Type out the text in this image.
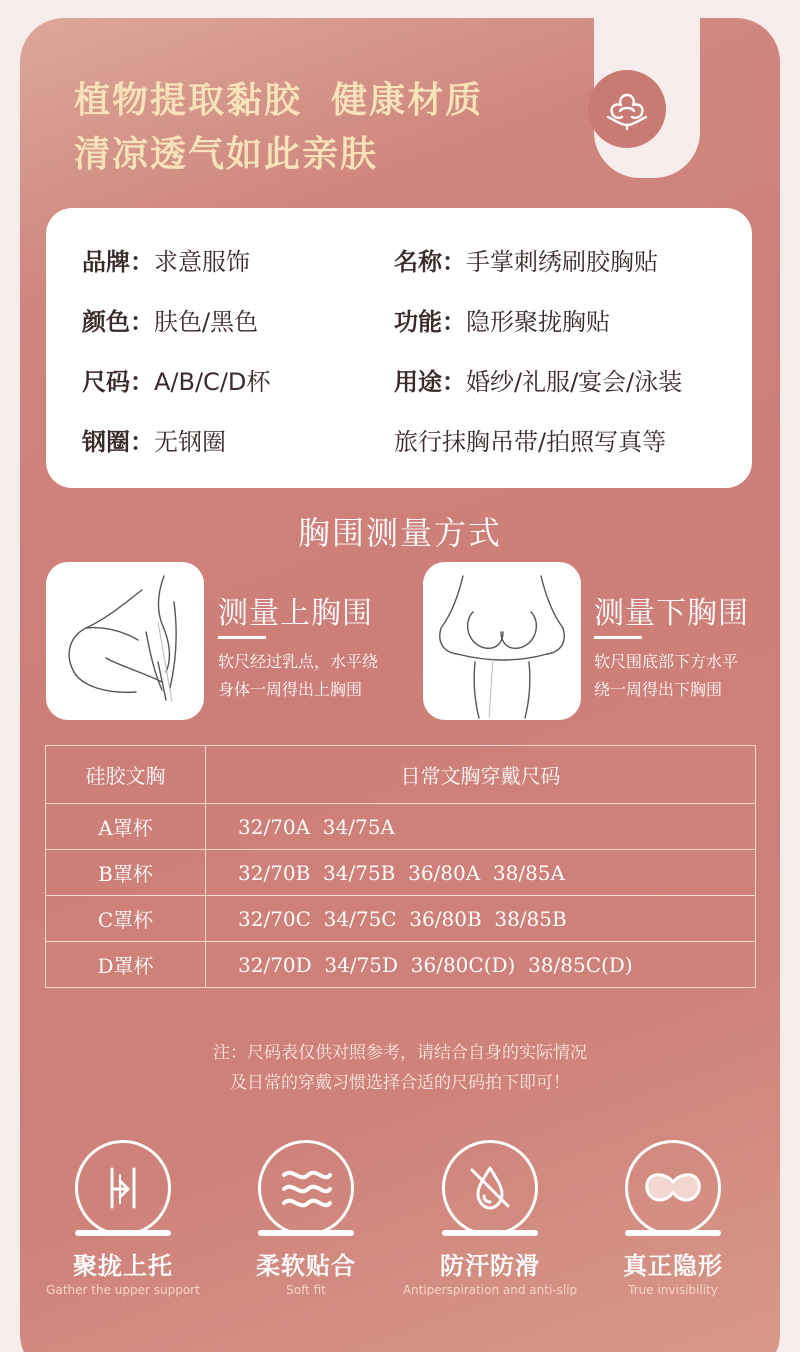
植物提取黏胶  健康材质
清凉透气如此亲肤
品牌：求意服饰	名称：手掌刺绣刷胶胸贴
颜色：肤色/黑色	功能：隐形聚拢胸贴
尺码：A/B/C/D杯	用途：婚纱/礼服/宴会/泳装
钢圈：无钢圈	旅行抹胸吊带/拍照写真等
胸围测量方式
测量上胸围
软尺经过乳点，水平绕
身体一周得出上胸围
测量下胸围
软尺围底部下方水平
绕一周得出下胸围
硅胶文胸	日常文胸穿戴尺码
A罩杯	32/70A  34/75A
B罩杯	32/70B  34/75B  36/80A  38/85A
C罩杯	32/70C  34/75C  36/80B  38/85B
D罩杯	32/70D  34/75D  36/80C(D)  38/85C(D)
注：尺码表仅供对照参考，请结合自身的实际情况
及日常的穿戴习惯选择合适的尺码拍下即可！
聚拢上托
Gather the upper support
柔软贴合
Soft fit
防汗防滑
Antiperspiration and anti-slip
真正隐形
True invisibility
